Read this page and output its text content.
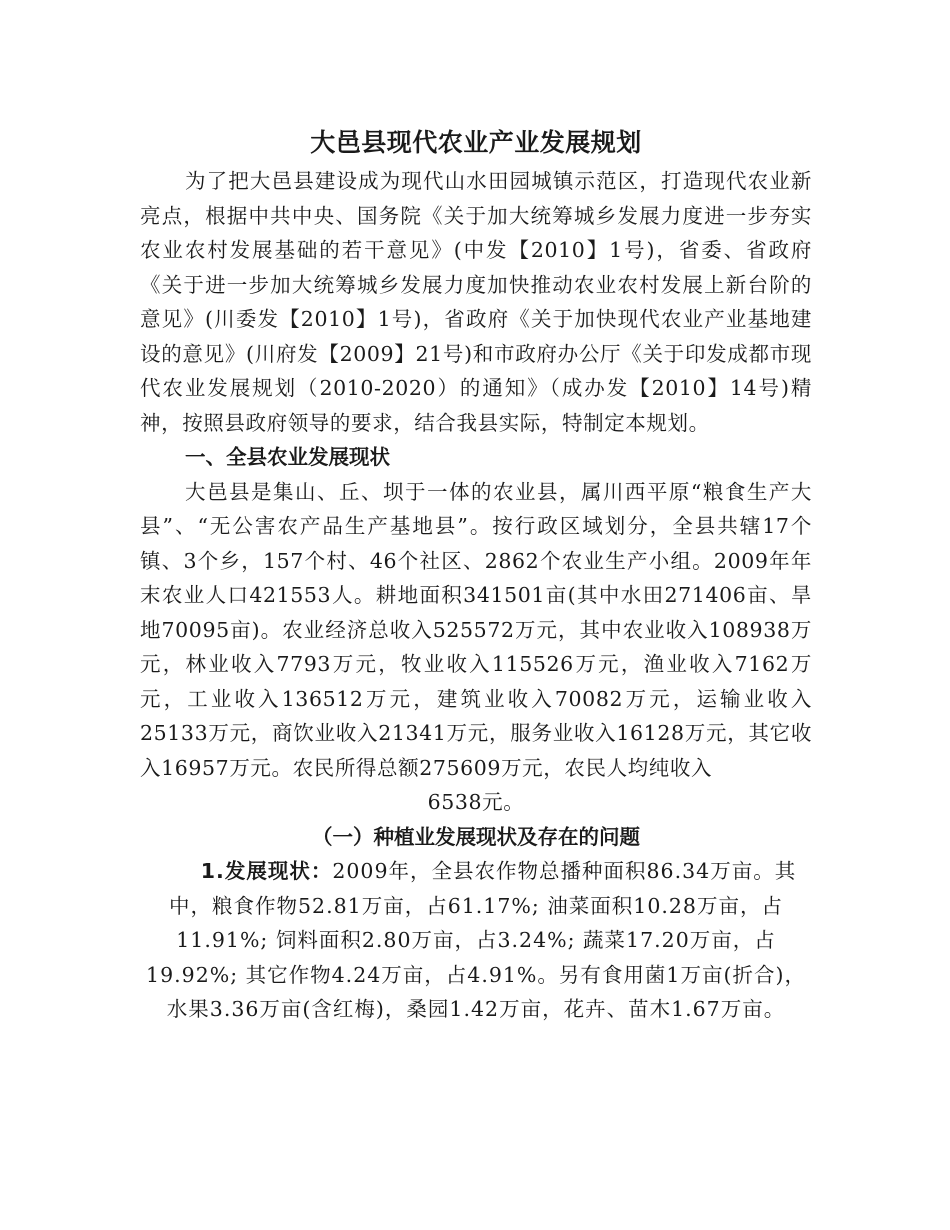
大邑县现代农业产业发展规划

为了把大邑县建设成为现代山水田园城镇示范区，打造现代农业新亮点，根据中共中央、国务院《关于加大统筹城乡发展力度进一步夯实农业农村发展基础的若干意见》(中发【2010】1号)，省委、省政府《关于进一步加大统筹城乡发展力度加快推动农业农村发展上新台阶的意见》(川委发【2010】1号)，省政府《关于加快现代农业产业基地建设的意见》(川府发【2009】21号)和市政府办公厅《关于印发成都市现代农业发展规划（2010-2020）的通知》（成办发【2010】14号)精神，按照县政府领导的要求，结合我县实际，特制定本规划。

一、全县农业发展现状

大邑县是集山、丘、坝于一体的农业县，属川西平原“粮食生产大县”、“无公害农产品生产基地县”。按行政区域划分，全县共辖17个镇、3个乡，157个村、46个社区、2862个农业生产小组。2009年年末农业人口421553人。耕地面积341501亩(其中水田271406亩、旱地70095亩)。农业经济总收入525572万元，其中农业收入108938万元，林业收入7793万元，牧业收入115526万元，渔业收入7162万元，工业收入136512万元，建筑业收入70082万元，运输业收入25133万元，商饮业收入21341万元，服务业收入16128万元，其它收入16957万元。农民所得总额275609万元，农民人均纯收入

6538元。

（一）种植业发展现状及存在的问题

1.发展现状：2009年，全县农作物总播种面积86.34万亩。其中，粮食作物52.81万亩，占61.17%; 油菜面积10.28万亩，占11.91%; 饲料面积2.80万亩，占3.24%; 蔬菜17.20万亩，占19.92%; 其它作物4.24万亩，占4.91%。另有食用菌1万亩(折合)，水果3.36万亩(含红梅)，桑园1.42万亩，花卉、苗木1.67万亩。
